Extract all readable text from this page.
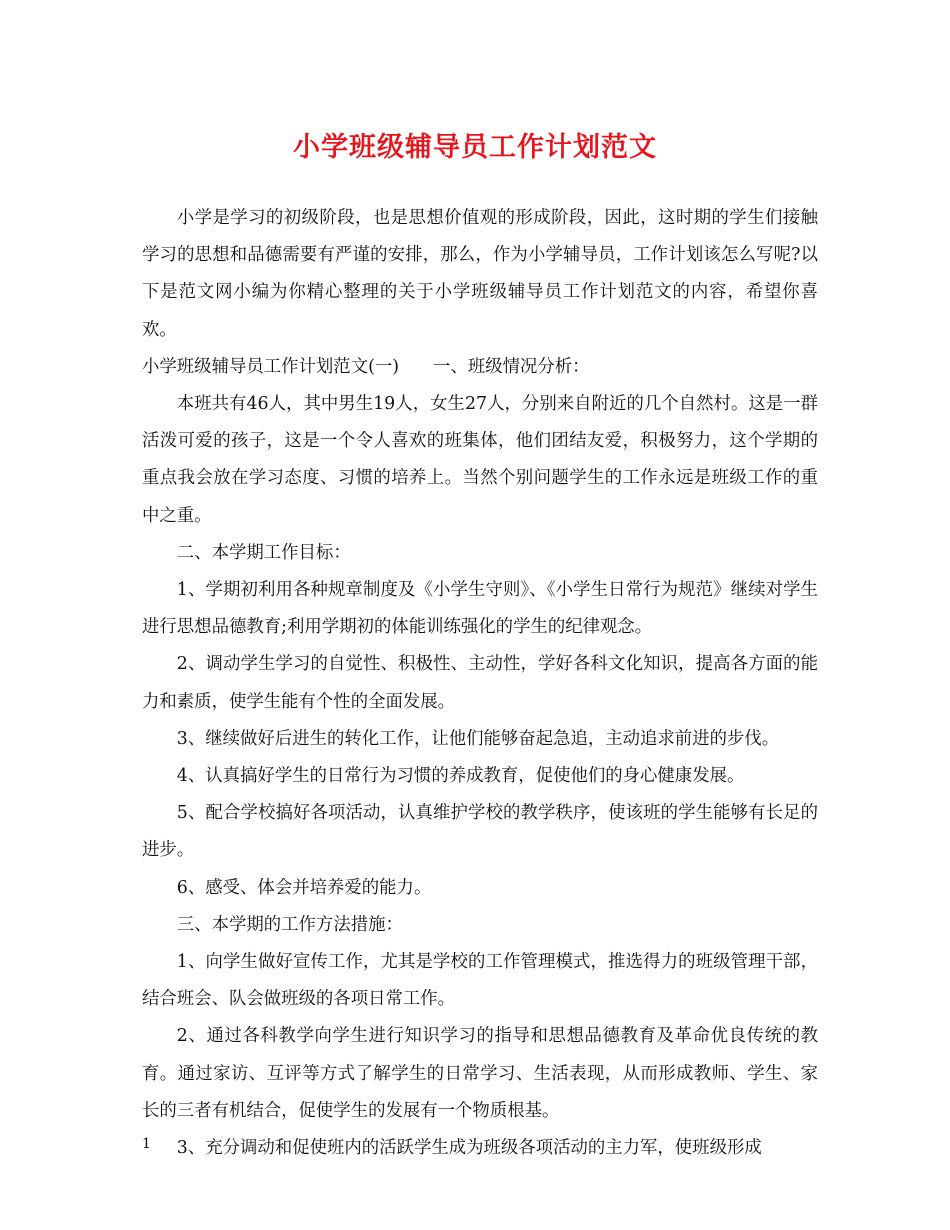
小学班级辅导员工作计划范文

小学是学习的初级阶段，也是思想价值观的形成阶段，因此，这时期的学生们接触学习的思想和品德需要有严谨的安排，那么，作为小学辅导员，工作计划该怎么写呢?以下是范文网小编为你精心整理的关于小学班级辅导员工作计划范文的内容，希望你喜欢。

小学班级辅导员工作计划范文(一) 一、班级情况分析：

本班共有46人，其中男生19人，女生27人，分别来自附近的几个自然村。这是一群活泼可爱的孩子，这是一个令人喜欢的班集体，他们团结友爱，积极努力，这个学期的重点我会放在学习态度、习惯的培养上。当然个别问题学生的工作永远是班级工作的重中之重。

二、本学期工作目标：

1、学期初利用各种规章制度及《小学生守则》、《小学生日常行为规范》继续对学生进行思想品德教育;利用学期初的体能训练强化的学生的纪律观念。

2、调动学生学习的自觉性、积极性、主动性，学好各科文化知识，提高各方面的能力和素质，使学生能有个性的全面发展。

3、继续做好后进生的转化工作，让他们能够奋起急追，主动追求前进的步伐。

4、认真搞好学生的日常行为习惯的养成教育，促使他们的身心健康发展。

5、配合学校搞好各项活动，认真维护学校的教学秩序，使该班的学生能够有长足的进步。

6、感受、体会并培养爱的能力。

三、本学期的工作方法措施：

1、向学生做好宣传工作，尤其是学校的工作管理模式，推选得力的班级管理干部，结合班会、队会做班级的各项日常工作。

2、通过各科教学向学生进行知识学习的指导和思想品德教育及革命优良传统的教育。通过家访、互评等方式了解学生的日常学习、生活表现，从而形成教师、学生、家长的三者有机结合，促使学生的发展有一个物质根基。

3、充分调动和促使班内的活跃学生成为班级各项活动的主力军，使班级形成

1
